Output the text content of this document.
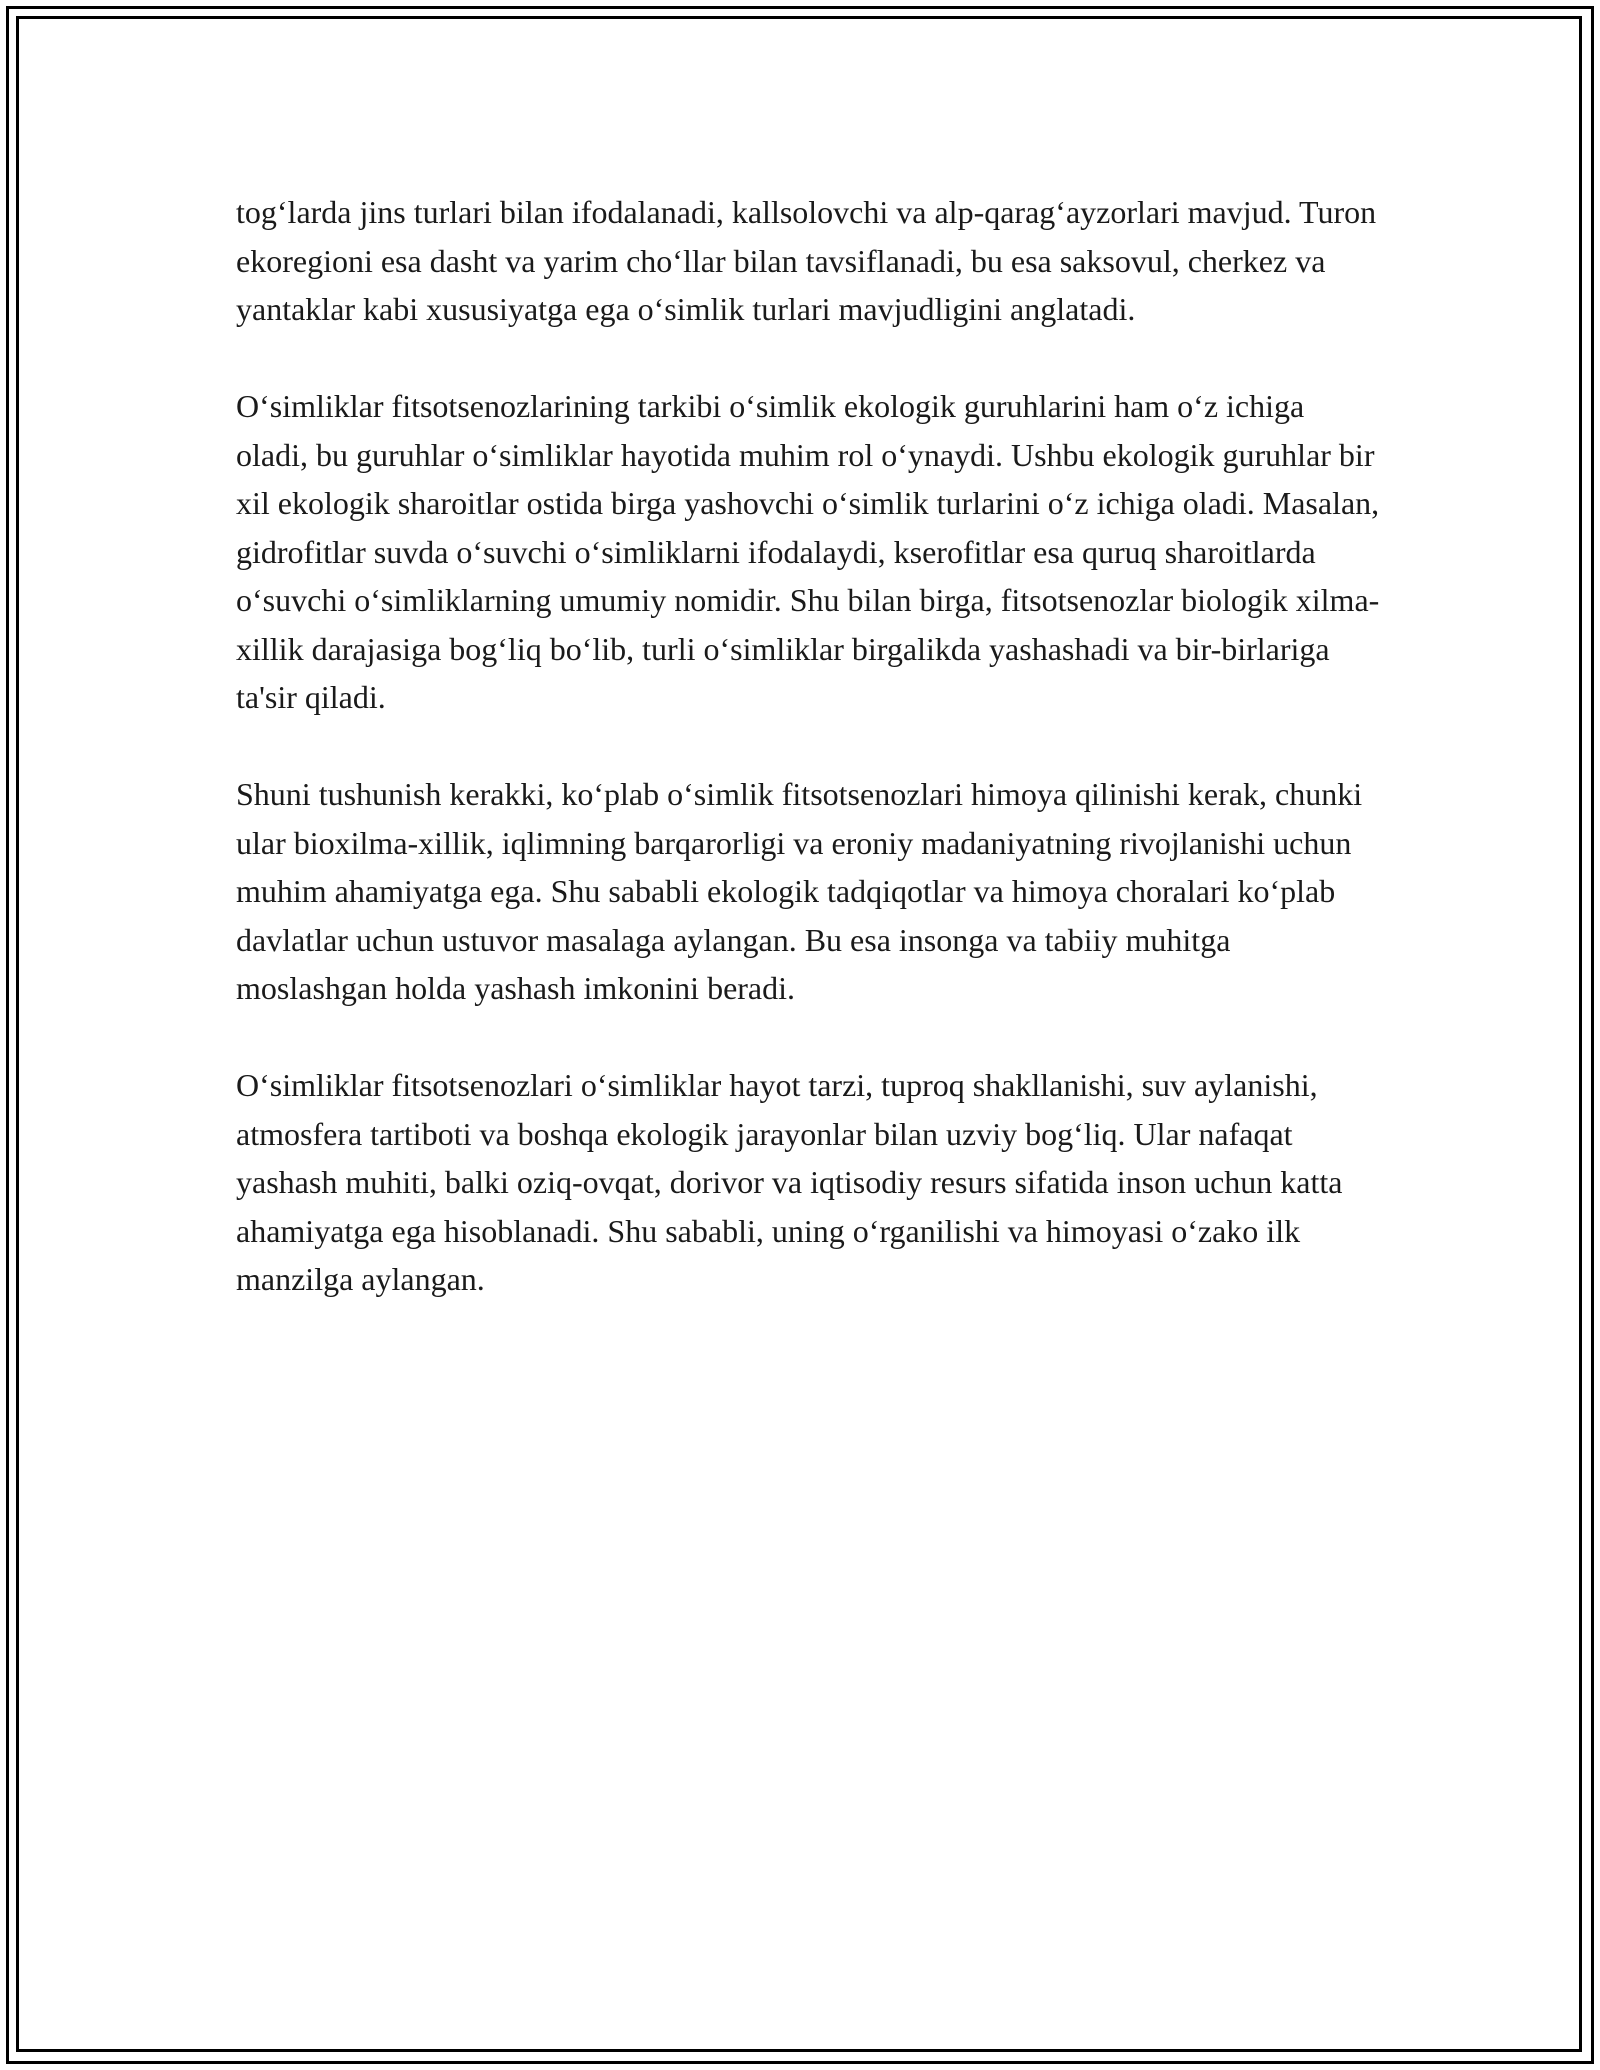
tog‘larda jins turlari bilan ifodalanadi, kallsolovchi va alp-qarag‘ayzorlari mavjud. Turon ekoregioni esa dasht va yarim cho‘llar bilan tavsiflanadi, bu esa saksovul, cherkez va yantaklar kabi xususiyatga ega o‘simlik turlari mavjudligini anglatadi.

O‘simliklar fitsotsenozlarining tarkibi o‘simlik ekologik guruhlarini ham o‘z ichiga oladi, bu guruhlar o‘simliklar hayotida muhim rol o‘ynaydi. Ushbu ekologik guruhlar bir xil ekologik sharoitlar ostida birga yashovchi o‘simlik turlarini o‘z ichiga oladi. Masalan, gidrofitlar suvda o‘suvchi o‘simliklarni ifodalaydi, kserofitlar esa quruq sharoitlarda o‘suvchi o‘simliklarning umumiy nomidir. Shu bilan birga, fitsotsenozlar biologik xilma-xillik darajasiga bog‘liq bo‘lib, turli o‘simliklar birgalikda yashashadi va bir-birlariga ta'sir qiladi.

Shuni tushunish kerakki, ko‘plab o‘simlik fitsotsenozlari himoya qilinishi kerak, chunki ular bioxilma-xillik, iqlimning barqarorligi va eroniy madaniyatning rivojlanishi uchun muhim ahamiyatga ega. Shu sababli ekologik tadqiqotlar va himoya choralari ko‘plab davlatlar uchun ustuvor masalaga aylangan. Bu esa insonga va tabiiy muhitga moslashgan holda yashash imkonini beradi.

O‘simliklar fitsotsenozlari o‘simliklar hayot tarzi, tuproq shakllanishi, suv aylanishi, atmosfera tartiboti va boshqa ekologik jarayonlar bilan uzviy bog‘liq. Ular nafaqat yashash muhiti, balki oziq-ovqat, dorivor va iqtisodiy resurs sifatida inson uchun katta ahamiyatga ega hisoblanadi. Shu sababli, uning o‘rganilishi va himoyasi o‘zako ilk manzilga aylangan.
